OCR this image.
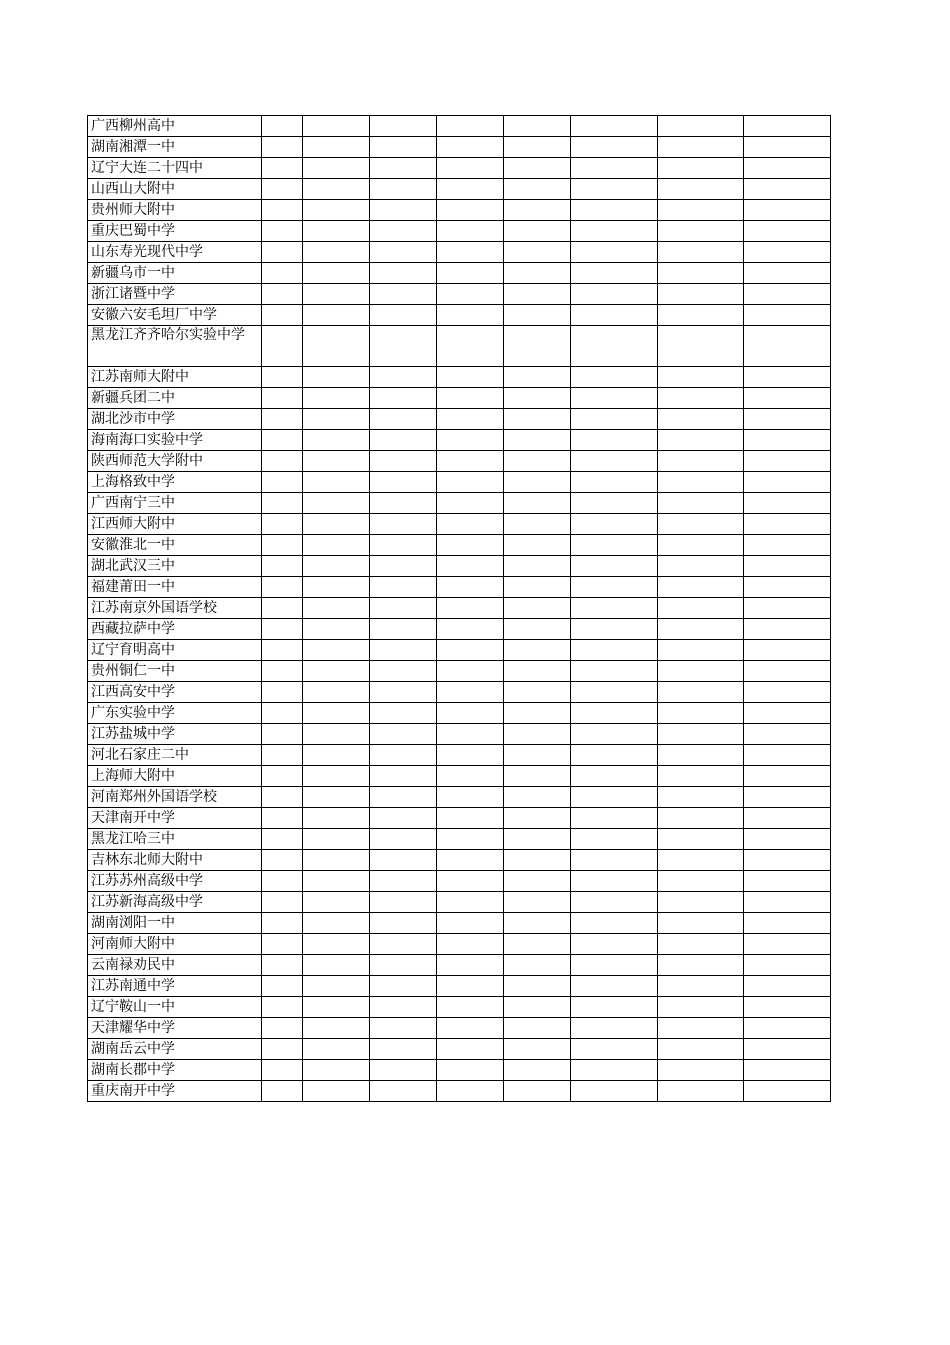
广西柳州高中								
湖南湘潭一中								
辽宁大连二十四中								
山西山大附中								
贵州师大附中								
重庆巴蜀中学								
山东寿光现代中学								
新疆乌市一中								
浙江诸暨中学								
安徽六安毛坦厂中学								
黑龙江齐齐哈尔实验中学								
江苏南师大附中								
新疆兵团二中								
湖北沙市中学								
海南海口实验中学								
陕西师范大学附中								
上海格致中学								
广西南宁三中								
江西师大附中								
安徽淮北一中								
湖北武汉三中								
福建莆田一中								
江苏南京外国语学校								
西藏拉萨中学								
辽宁育明高中								
贵州铜仁一中								
江西高安中学								
广东实验中学								
江苏盐城中学								
河北石家庄二中								
上海师大附中								
河南郑州外国语学校								
天津南开中学								
黑龙江哈三中								
吉林东北师大附中								
江苏苏州高级中学								
江苏新海高级中学								
湖南浏阳一中								
河南师大附中								
云南禄劝民中								
江苏南通中学								
辽宁鞍山一中								
天津耀华中学								
湖南岳云中学								
湖南长郡中学								
重庆南开中学								
